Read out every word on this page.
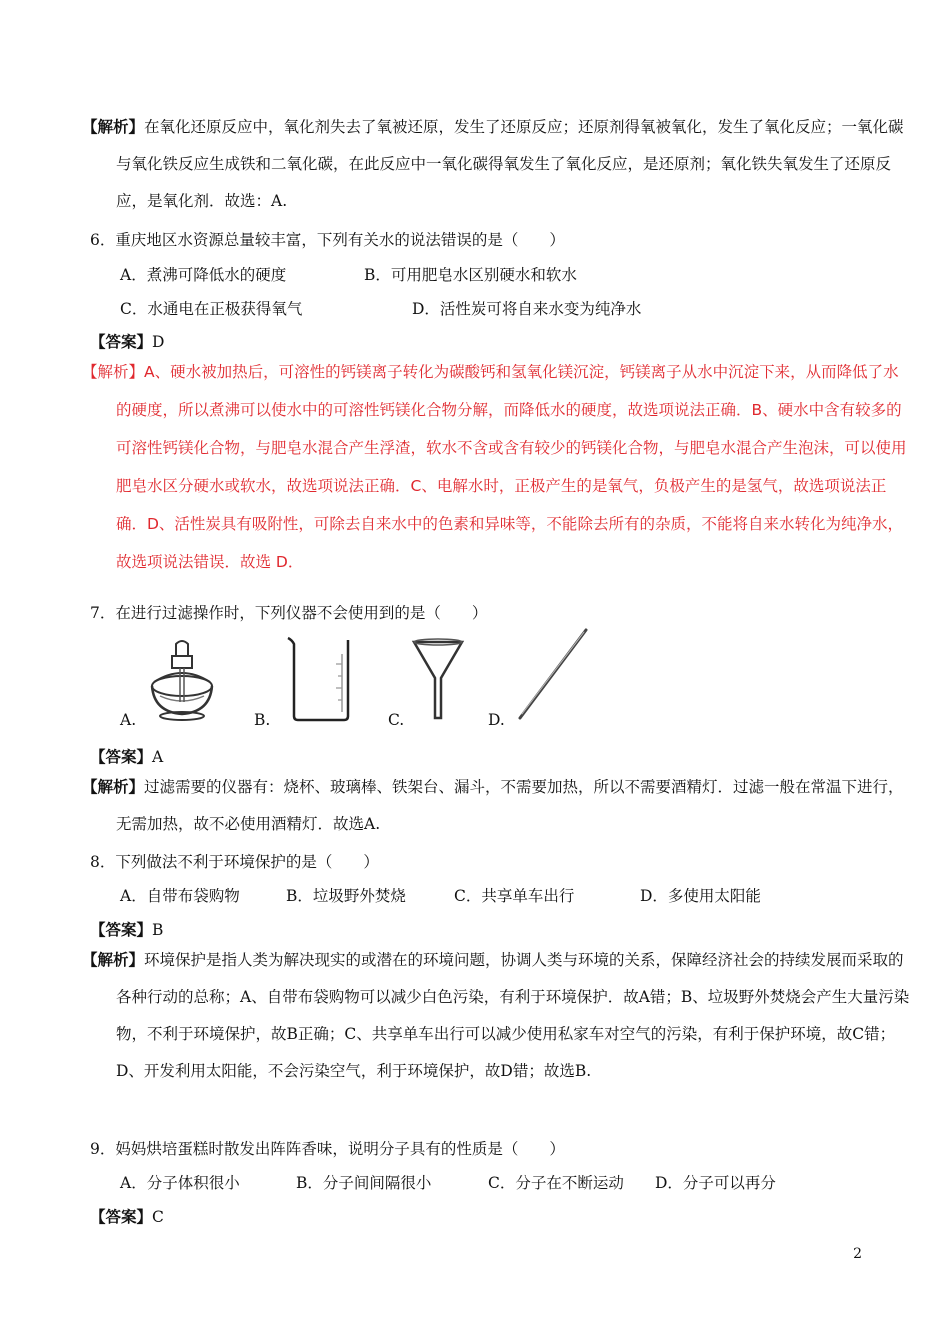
【解析】在氧化还原反应中，氧化剂失去了氧被还原，发生了还原反应；还原剂得氧被氧化，发生了氧化反应；一氧化碳与氧化铁反应生成铁和二氧化碳，在此反应中一氧化碳得氧发生了氧化反应，是还原剂；氧化铁失氧发生了还原反应，是氧化剂．故选：A.
6．重庆地区水资源总量较丰富，下列有关水的说法错误的是（　　）
A．煮沸可降低水的硬度	B．可用肥皂水区别硬水和软水
C．水通电在正极获得氧气	D．活性炭可将自来水变为纯净水
【答案】D
【解析】A、硬水被加热后，可溶性的钙镁离子转化为碳酸钙和氢氧化镁沉淀，钙镁离子从水中沉淀下来，从而降低了水的硬度，所以煮沸可以使水中的可溶性钙镁化合物分解，而降低水的硬度，故选项说法正确．B、硬水中含有较多的可溶性钙镁化合物，与肥皂水混合产生浮渣，软水不含或含有较少的钙镁化合物，与肥皂水混合产生泡沫，可以使用肥皂水区分硬水或软水，故选项说法正确．C、电解水时，正极产生的是氧气，负极产生的是氢气，故选项说法正确．D、活性炭具有吸附性，可除去自来水中的色素和异味等，不能除去所有的杂质，不能将自来水转化为纯净水，故选项说法错误．故选 D．
7．在进行过滤操作时，下列仪器不会使用到的是（　　）
A.	B.	C.	D.
【答案】A
【解析】过滤需要的仪器有：烧杯、玻璃棒、铁架台、漏斗，不需要加热，所以不需要酒精灯．过滤一般在常温下进行，无需加热，故不必使用酒精灯．故选A.
8．下列做法不利于环境保护的是（　　）
A．自带布袋购物	B．垃圾野外焚烧	C．共享单车出行	D．多使用太阳能
【答案】B
【解析】环境保护是指人类为解决现实的或潜在的环境问题，协调人类与环境的关系，保障经济社会的持续发展而采取的各种行动的总称；A、自带布袋购物可以减少白色污染，有利于环境保护．故A错；B、垃圾野外焚烧会产生大量污染物，不利于环境保护，故B正确；C、共享单车出行可以减少使用私家车对空气的污染，有利于保护环境，故C错；D、开发利用太阳能，不会污染空气，利于环境保护，故D错；故选B.
9．妈妈烘培蛋糕时散发出阵阵香味，说明分子具有的性质是（　　）
A．分子体积很小	B．分子间间隔很小	C．分子在不断运动 D．分子可以再分
【答案】C
2
